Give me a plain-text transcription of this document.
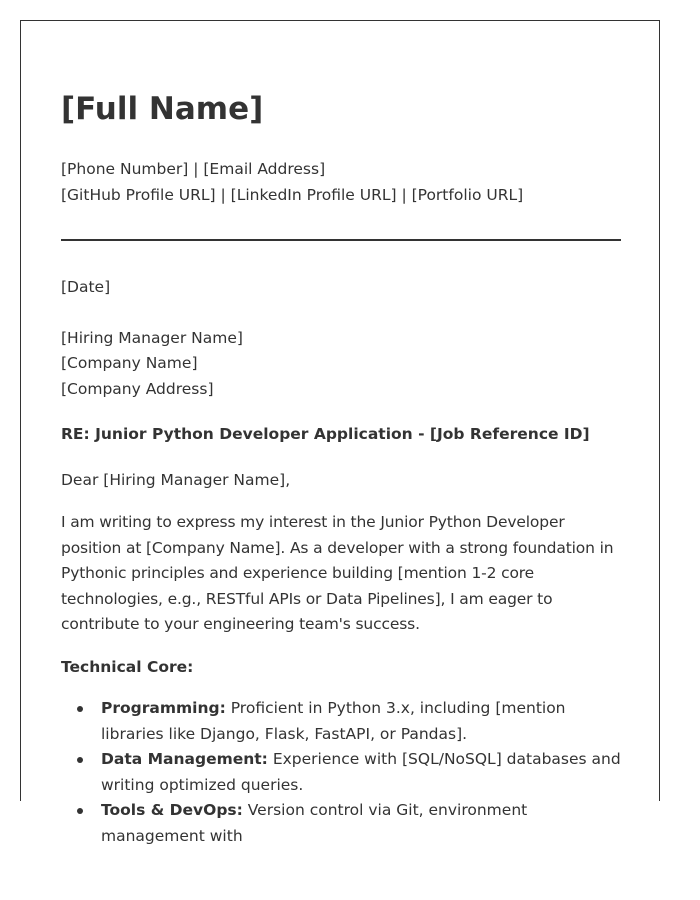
[Full Name]
[Phone Number] | [Email Address]
[GitHub Profile URL] | [LinkedIn Profile URL] | [Portfolio URL]
[Date]
[Hiring Manager Name]
[Company Name]
[Company Address]
RE: Junior Python Developer Application - [Job Reference ID]
Dear [Hiring Manager Name],

I am writing to express my interest in the Junior Python Developer position at [Company Name]. As a developer with a strong foundation in Pythonic principles and experience building [mention 1-2 core technologies, e.g., RESTful APIs or Data Pipelines], I am eager to contribute to your engineering team's success.

Technical Core:
Programming: Proficient in Python 3.x, including [mention libraries like Django, Flask, FastAPI, or Pandas].
Data Management: Experience with [SQL/NoSQL] databases and writing optimized queries.
Tools & DevOps: Version control via Git, environment management with
